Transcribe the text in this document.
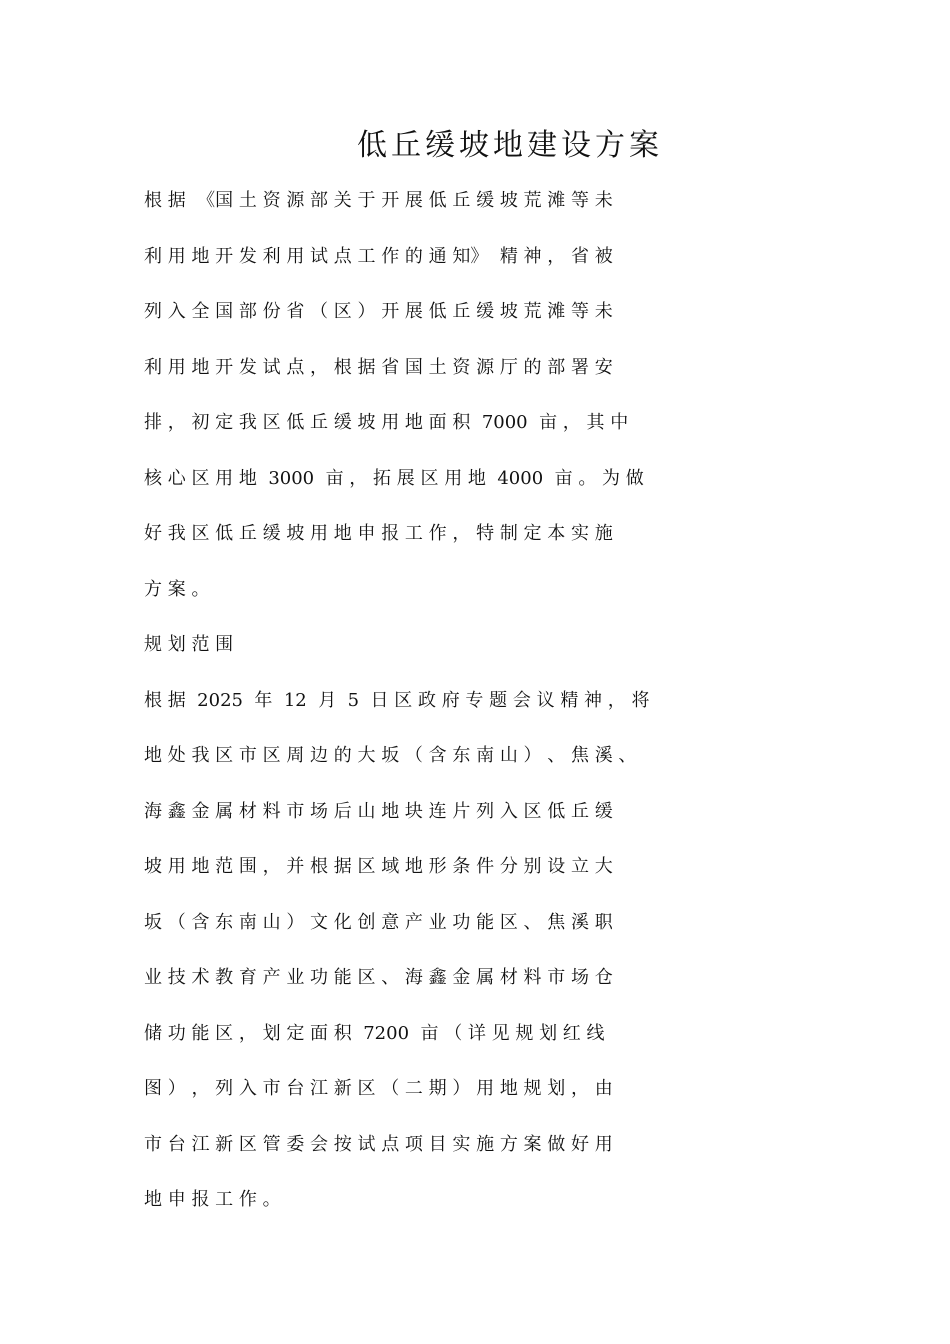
低丘缓坡地建设方案
根 据  《国 土 资 源 部 关 于 开 展 低 丘 缓 坡 荒 滩 等 未
利 用 地 开 发 利 用 试 点 工 作 的 通 知》  精 神 ， 省 被
列 入 全 国 部 份 省 （ 区 ） 开 展 低 丘 缓 坡 荒 滩 等 未
利 用 地 开 发 试 点 ， 根 据 省 国 土 资 源 厅 的 部 署 安
排 ， 初 定 我 区 低 丘 缓 坡 用 地 面 积  7000  亩 ， 其 中
核 心 区 用 地  3000  亩 ， 拓 展 区 用 地  4000  亩 。 为 做
好 我 区 低 丘 缓 坡 用 地 申 报 工 作 ， 特 制 定 本 实 施
方 案 。
规 划 范 围
根 据  2025  年  12  月  5  日 区 政 府 专 题 会 议 精 神 ， 将
地 处 我 区 市 区 周 边 的 大 坂 （ 含 东 南 山 ） 、 焦 溪 、
海 鑫 金 属 材 料 市 场 后 山 地 块 连 片 列 入 区 低 丘 缓
坡 用 地 范 围 ， 并 根 据 区 域 地 形 条 件 分 别 设 立 大
坂 （ 含 东 南 山 ） 文 化 创 意 产 业 功 能 区 、 焦 溪 职
业 技 术 教 育 产 业 功 能 区 、 海 鑫 金 属 材 料 市 场 仓
储 功 能 区 ， 划 定 面 积  7200  亩 （ 详 见 规 划 红 线
图 ） ， 列 入 市 台 江 新 区 （ 二 期 ） 用 地 规 划 ， 由
市 台 江 新 区 管 委 会 按 试 点 项 目 实 施 方 案 做 好 用
地 申 报 工 作 。
